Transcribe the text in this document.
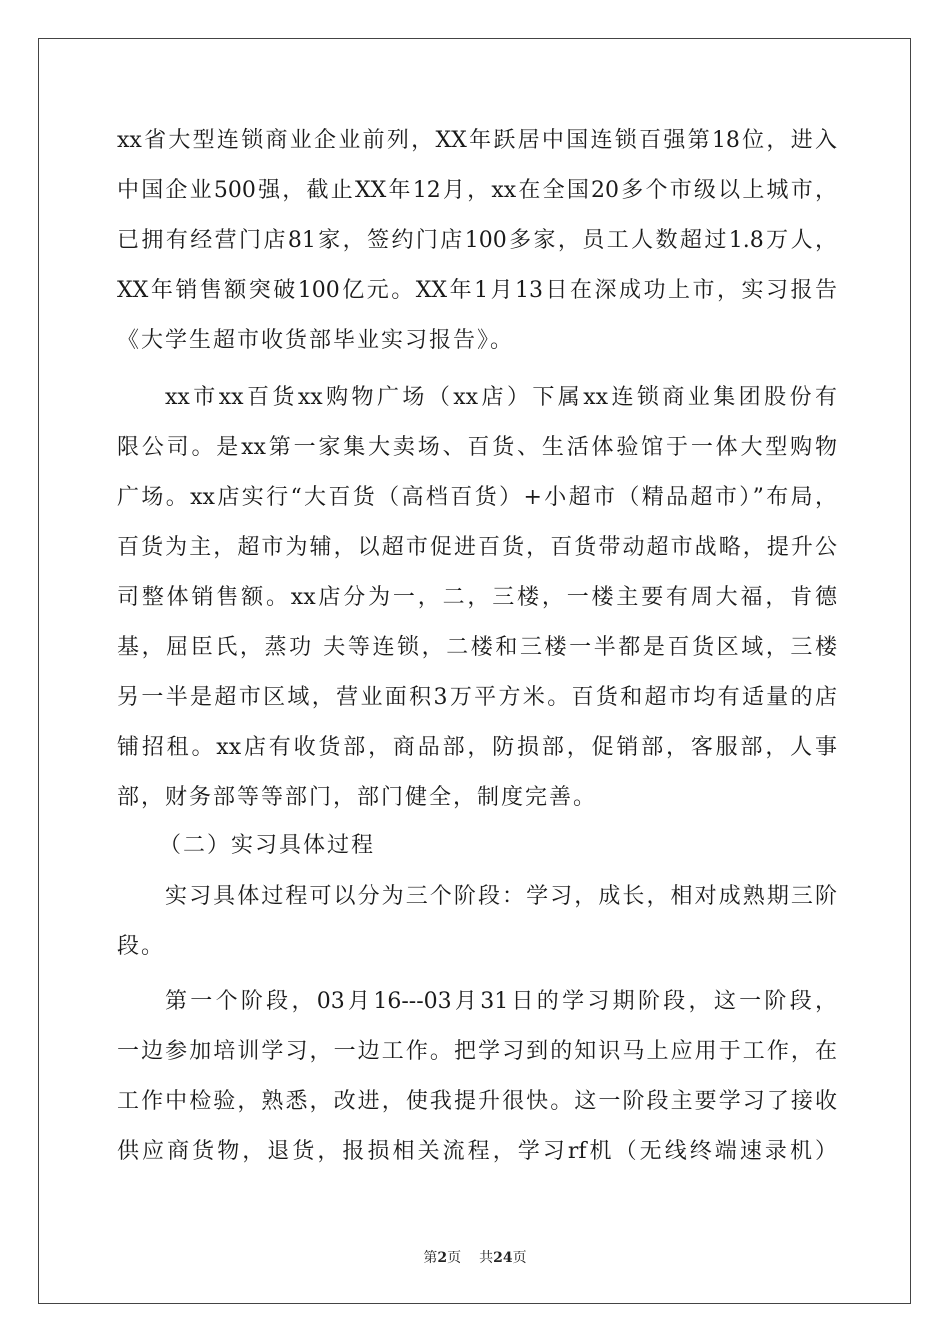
xx省大型连锁商业企业前列，XX年跃居中国连锁百强第18位，进入
中国企业500强，截止XX年12月，xx在全国20多个市级以上城市，
已拥有经营门店81家，签约门店100多家，员工人数超过1.8万人，
XX年销售额突破100亿元。XX年1月13日在深成功上市，实习报告
《大学生超市收货部毕业实习报告》。
xx市xx百货xx购物广场（xx店）下属xx连锁商业集团股份有
限公司。是xx第一家集大卖场、百货、生活体验馆于一体大型购物
广场。xx店实行“大百货（高档百货）+小超市（精品超市）”布局，
百货为主，超市为辅，以超市促进百货，百货带动超市战略，提升公
司整体销售额。xx店分为一，二，三楼，一楼主要有周大福，肯德
基，屈臣氏，蒸功 夫等连锁，二楼和三楼一半都是百货区域，三楼
另一半是超市区域，营业面积3万平方米。百货和超市均有适量的店
铺招租。xx店有收货部，商品部，防损部，促销部，客服部，人事
部，财务部等等部门，部门健全，制度完善。
（二）实习具体过程
实习具体过程可以分为三个阶段：学习，成长，相对成熟期三阶
段。
第一个阶段，03月16---03月31日的学习期阶段，这一阶段，
一边参加培训学习，一边工作。把学习到的知识马上应用于工作，在
工作中检验，熟悉，改进，使我提升很快。这一阶段主要学习了接收
供应商货物，退货，报损相关流程，学习rf机（无线终端速录机）
第2页 共24页
